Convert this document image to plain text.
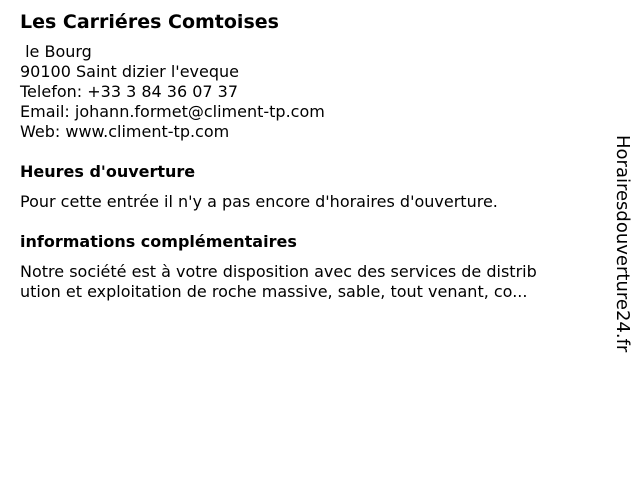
Les Carriéres Comtoises
le Bourg
90100 Saint dizier l'eveque
Telefon: +33 3 84 36 07 37
Email: johann.formet@climent-tp.com
Web: www.climent-tp.com
Heures d'ouverture
Pour cette entrée il n'y a pas encore d'horaires d'ouverture.
informations complémentaires
Notre société est à votre disposition avec des services de distrib
ution et exploitation de roche massive, sable, tout venant, co...	Horairesdouverture24.fr
